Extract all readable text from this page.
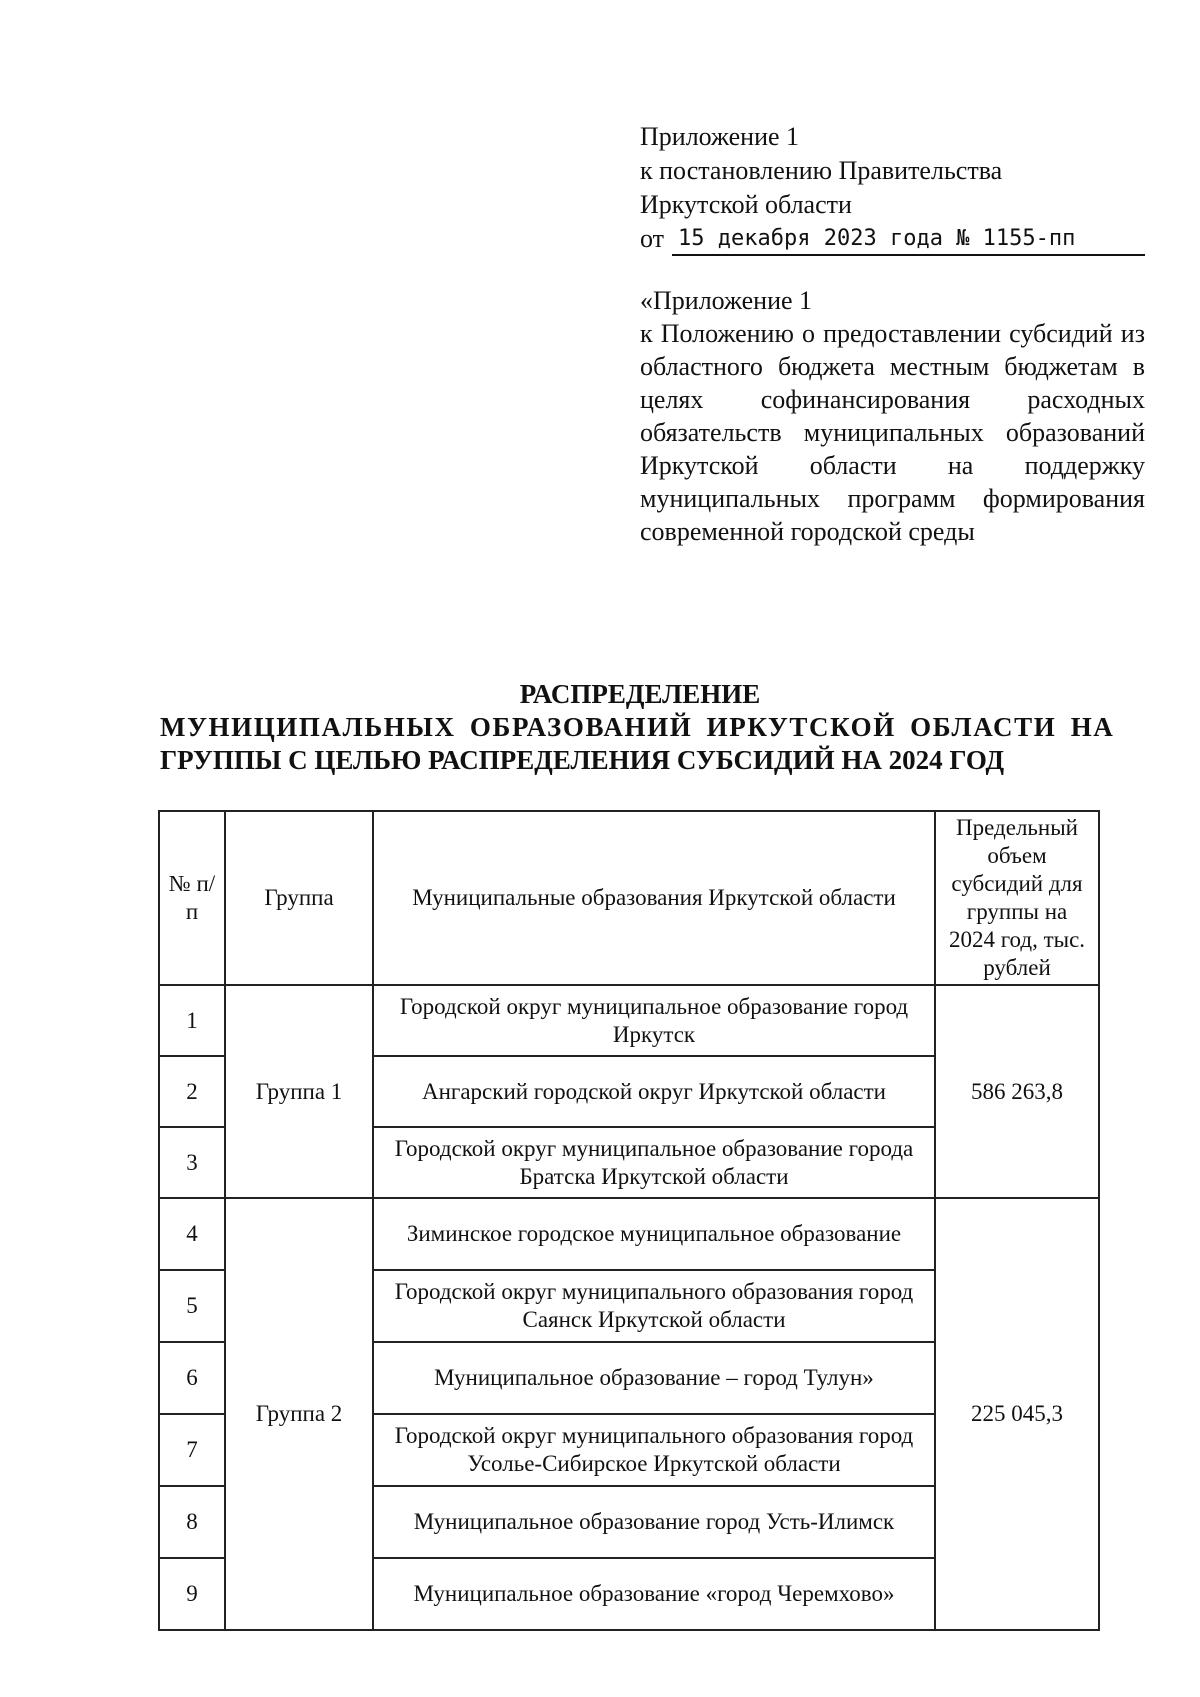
Приложение 1
к постановлению Правительства
Иркутской области
от 15 декабря 2023 года № 1155-пп
«Приложение 1
к Положению о предоставлении субсидий из областного бюджета местным бюджетам в целях софинансирования расходных обязательств муниципальных образований Иркутской области на поддержку муниципальных программ формирования современной городской среды
РАСПРЕДЕЛЕНИЕ
МУНИЦИПАЛЬНЫХ ОБРАЗОВАНИЙ ИРКУТСКОЙ ОБЛАСТИ НА
ГРУППЫ С ЦЕЛЬЮ РАСПРЕДЕЛЕНИЯ СУБСИДИЙ НА 2024 ГОД
№ п/п	Группа	Муниципальные образования Иркутской области	Предельный объем субсидий для группы на 2024 год, тыс. рублей
1	Группа 1	Городской округ муниципальное образование город Иркутск	586 263,8
2		Ангарский городской округ Иркутской области	
3		Городской округ муниципальное образование города Братска Иркутской области	
4	Группа 2	Зиминское городское муниципальное образование	225 045,3
5		Городской округ муниципального образования город Саянск Иркутской области	
6		Муниципальное образование – город Тулун»	
7		Городской округ муниципального образования город Усолье-Сибирское Иркутской области	
8		Муниципальное образование город Усть-Илимск	
9		Муниципальное образование «город Черемхово»	
